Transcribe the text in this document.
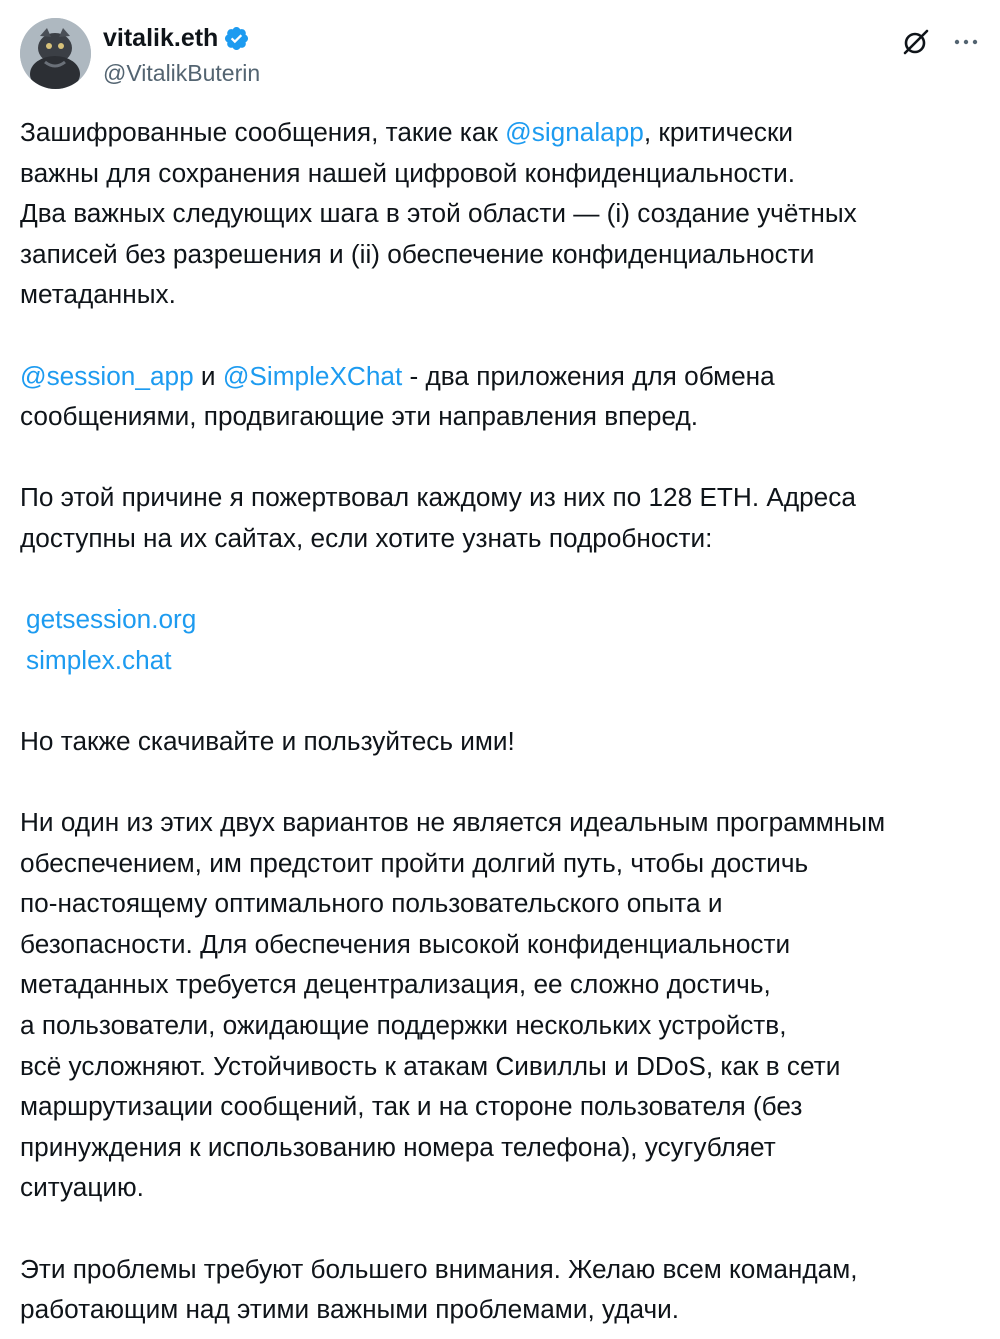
vitalik.eth
@VitalikButerin

Зашифрованные сообщения, такие как @signalapp, критически
важны для сохранения нашей цифровой конфиденциальности.
Два важных следующих шага в этой области — (i) создание учётных
записей без разрешения и (ii) обеспечение конфиденциальности
метаданных.

@session_app и @SimpleXChat - два приложения для обмена
сообщениями, продвигающие эти направления вперед.

По этой причине я пожертвовал каждому из них по 128 ETH. Адреса
доступны на их сайтах, если хотите узнать подробности:

getsession.org

simplex.chat

Но также скачивайте и пользуйтесь ими!

Ни один из этих двух вариантов не является идеальным программным
обеспечением, им предстоит пройти долгий путь, чтобы достичь
по-настоящему оптимального пользовательского опыта и
безопасности. Для обеспечения высокой конфиденциальности
метаданных требуется децентрализация, ее сложно достичь,
а пользователи, ожидающие поддержки нескольких устройств,
всё усложняют. Устойчивость к атакам Сивиллы и DDoS, как в сети
маршрутизации сообщений, так и на стороне пользователя (без
принуждения к использованию номера телефона), усугубляет
ситуацию.

Эти проблемы требуют большего внимания. Желаю всем командам,
работающим над этими важными проблемами, удачи.
